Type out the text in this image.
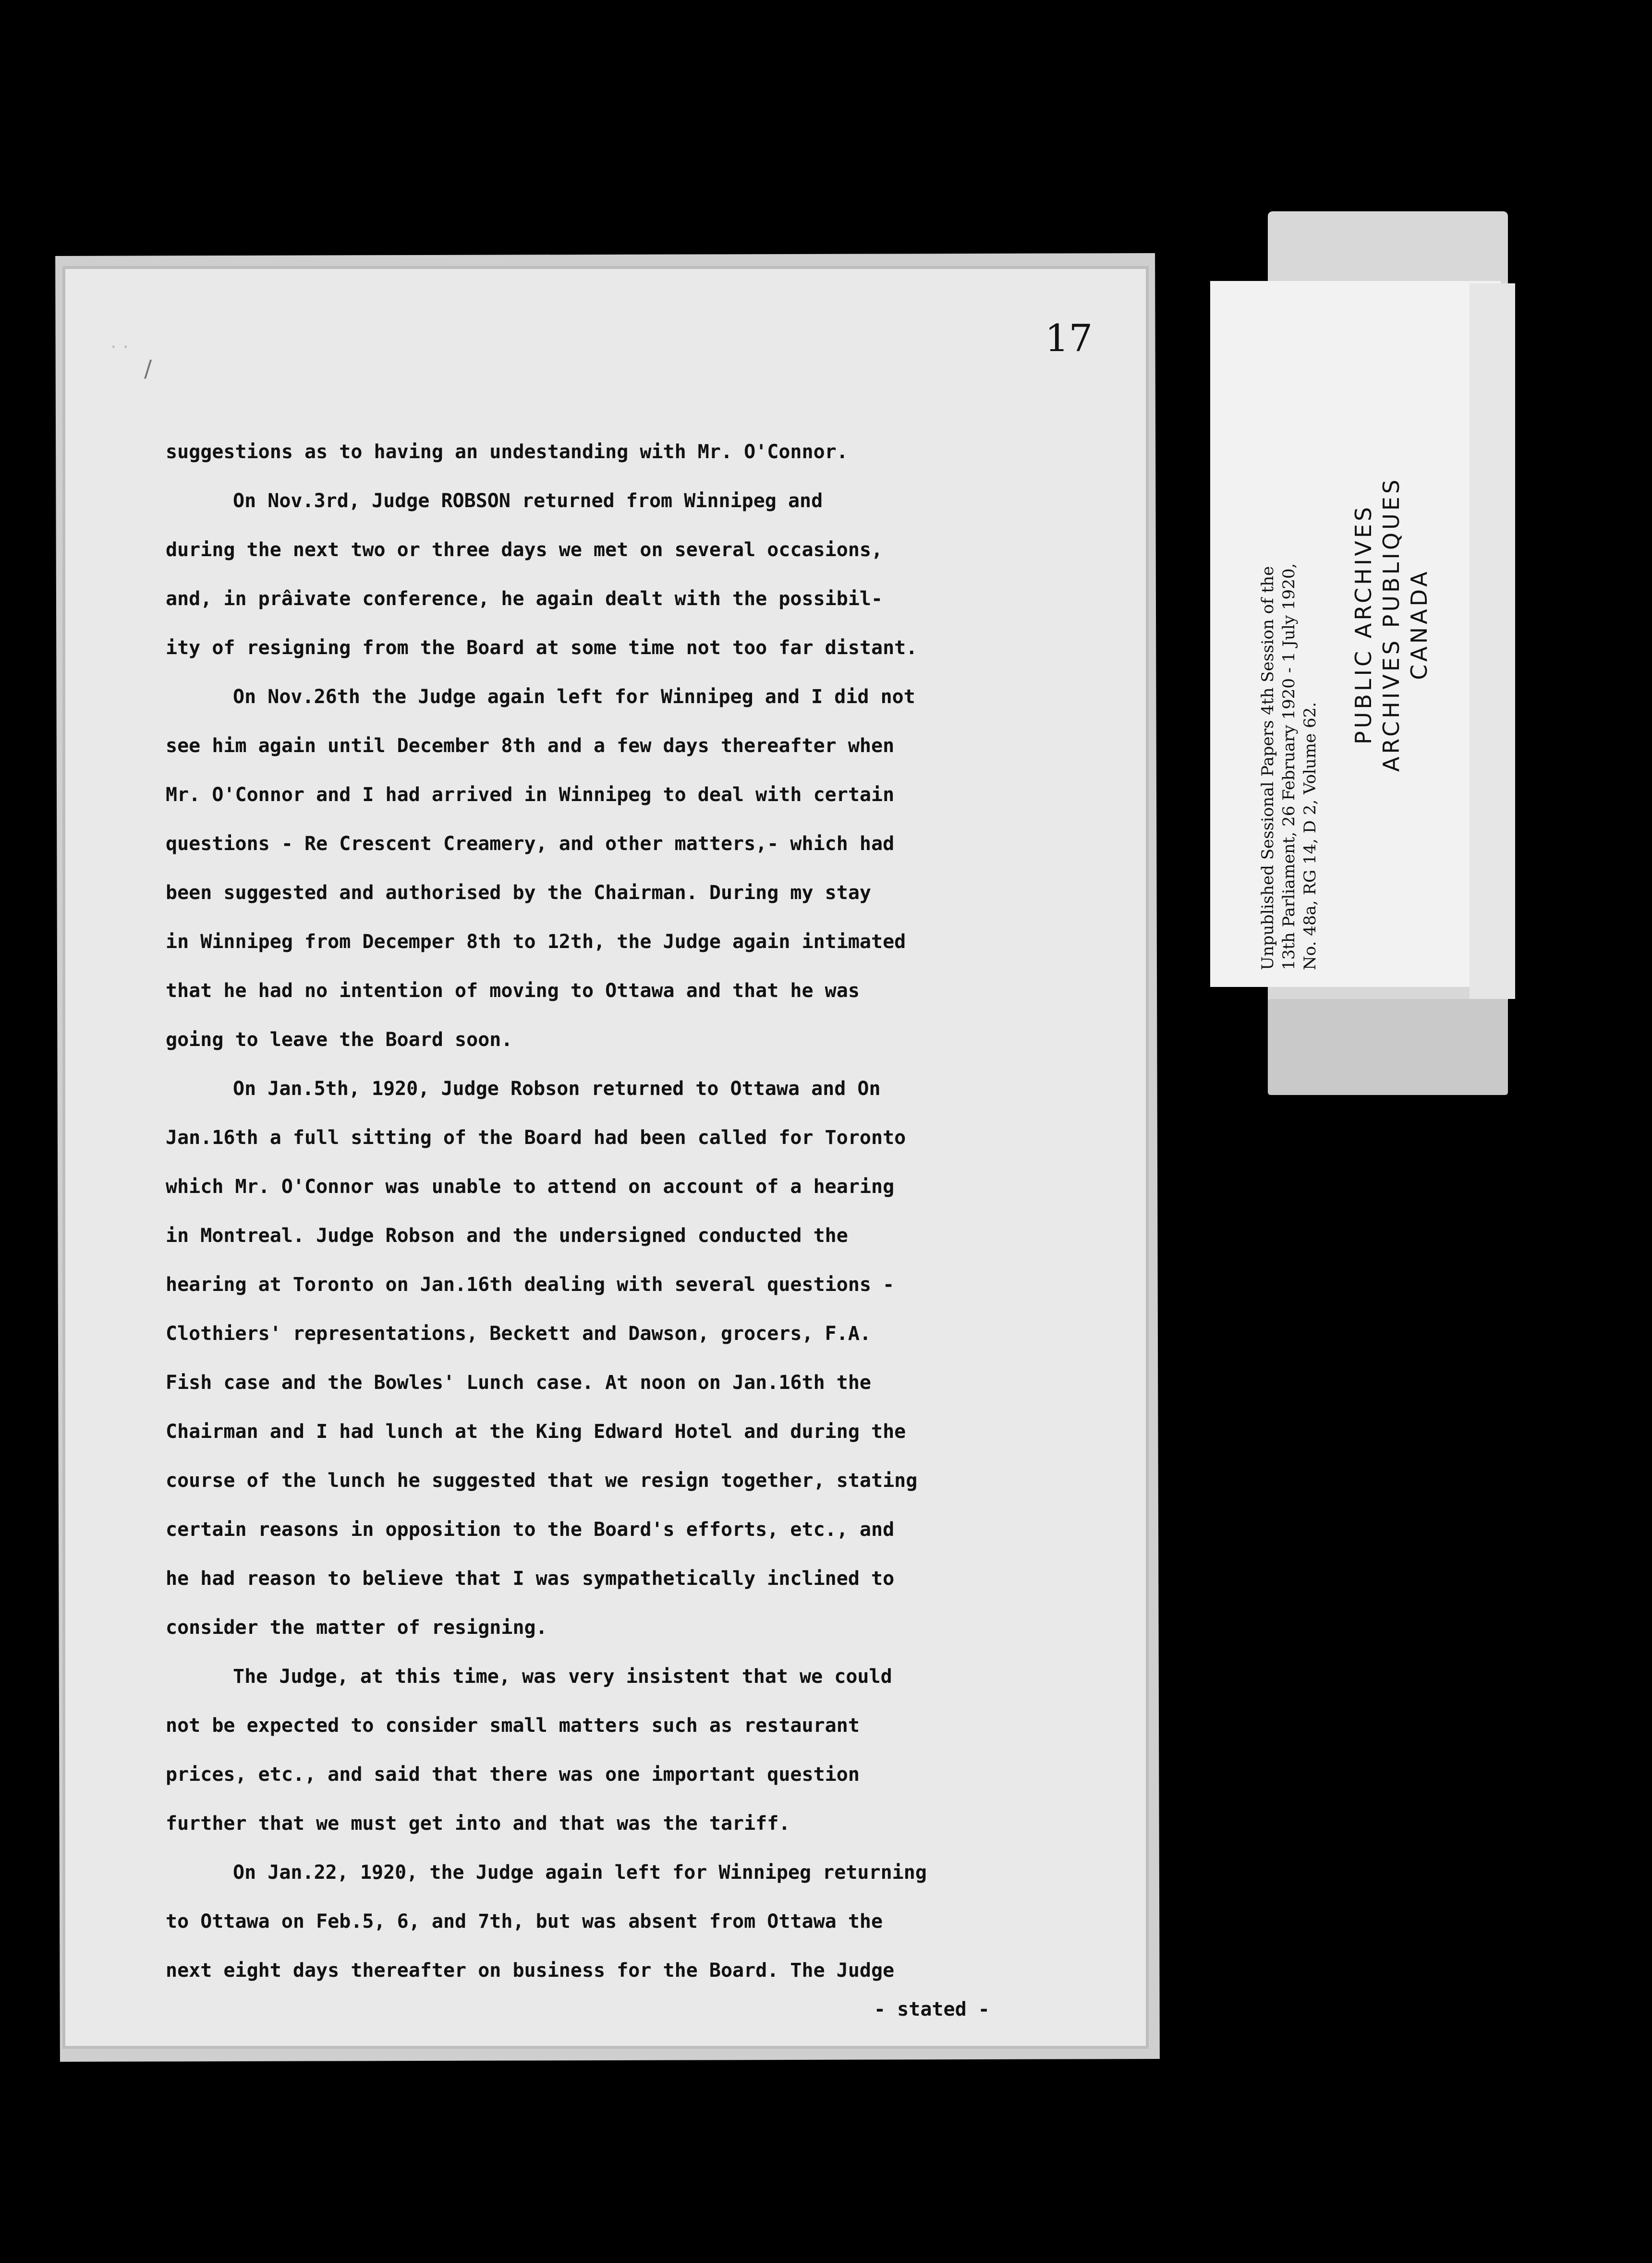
17
· ·
/

suggestions as to having an undestanding with Mr. O'Connor.

On Nov.3rd, Judge ROBSON returned from Winnipeg and

during the next two or three days we met on several occasions,

and, in prâivate conference, he again dealt with the possibil-

ity of resigning from the Board at some time not too far distant.

On Nov.26th the Judge again left for Winnipeg and I did not

see him again until December 8th and a few days thereafter when

Mr. O'Connor and I had arrived in Winnipeg to deal with certain

questions - Re Crescent Creamery, and other matters,- which had

been suggested and authorised by the Chairman. During my stay

in Winnipeg from Decemper 8th to 12th, the Judge again intimated

that he had no intention of moving to Ottawa and that he was

going to leave the Board soon.

On Jan.5th, 1920, Judge Robson returned to Ottawa and On

Jan.16th a full sitting of the Board had been called for Toronto

which Mr. O'Connor was unable to attend on account of a hearing

in Montreal. Judge Robson and the undersigned conducted the

hearing at Toronto on Jan.16th dealing with several questions -

Clothiers' representations, Beckett and Dawson, grocers, F.A.

Fish case and the Bowles' Lunch case. At noon on Jan.16th the

Chairman and I had lunch at the King Edward Hotel and during the

course of the lunch he suggested that we resign together, stating

certain reasons in opposition to the Board's efforts, etc., and

he had reason to believe that I was sympathetically inclined to

consider the matter of resigning.

The Judge, at this time, was very insistent that we could

not be expected to consider small matters such as restaurant

prices, etc., and said that there was one important question

further that we must get into and that was the tariff.

On Jan.22, 1920, the Judge again left for Winnipeg returning

to Ottawa on Feb.5, 6, and 7th, but was absent from Ottawa the

next eight days thereafter on business for the Board. The Judge

- stated -

Unpublished Sessional Papers 4th Session of the 13th Parliament, 26 February 1920 - 1 July 1920, No. 48a, RG 14, D 2, Volume 62.
PUBLIC ARCHIVES ARCHIVES PUBLIQUES CANADA
